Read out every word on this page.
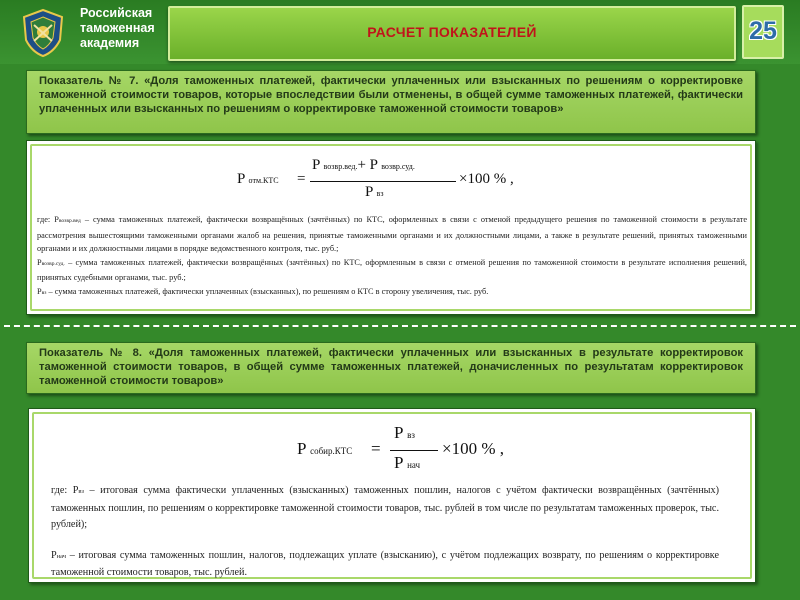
Российская
таможенная
академия
РАСЧЕТ ПОКАЗАТЕЛЕЙ	25
Показатель № 7. «Доля таможенных платежей, фактически уплаченных или взысканных по решениям о корректировке таможенной стоимости товаров, которые впоследствии были отменены, в общей сумме таможенных платежей, фактически уплаченных или взысканных по решениям о корректировке таможенной стоимости товаров»
P отм.КТС =
P возвр.вед.+ P возвр.суд.
P вз
×100 % ,
где: Pвозвр.вед – сумма таможенных платежей, фактически возвращённых (зачтённых) по КТС, оформленных в связи с отменой предыдущего решения по таможенной стоимости в результате рассмотрения вышестоящими таможенными органами жалоб на решения, принятые таможенными органами и их должностными лицами, а также в результате решений, принятых таможенными органами и их должностными лицами в порядке ведомственного контроля, тыс. руб.;
Pвозвр.суд. – сумма таможенных платежей, фактически возвращённых (зачтённых) по КТС, оформленным в связи с отменой решения по таможенной стоимости в результате исполнения решений, принятых судебными органами, тыс. руб.;
Pвз – сумма таможенных платежей, фактически уплаченных (взысканных), по решениям о КТС в сторону увеличения, тыс. руб.
Показатель № 8. «Доля таможенных платежей, фактически уплаченных или взысканных в результате корректировок таможенной стоимости товаров, в общей сумме таможенных платежей, доначисленных по результатам корректировок таможенной стоимости товаров»
P собир.КТС =
P вз
P нач
×100 % ,
где: Pвз – итоговая сумма фактически уплаченных (взысканных) таможенных пошлин, налогов с учётом фактически возвращённых (зачтённых) таможенных пошлин, по решениям о корректировке таможенной стоимости товаров, тыс. рублей в том числе по результатам таможенных проверок, тыс. рублей);
Pнач – итоговая сумма таможенных пошлин, налогов, подлежащих уплате (взысканию), с учётом подлежащих возврату, по решениям о корректировке таможенной стоимости товаров, тыс. рублей.
